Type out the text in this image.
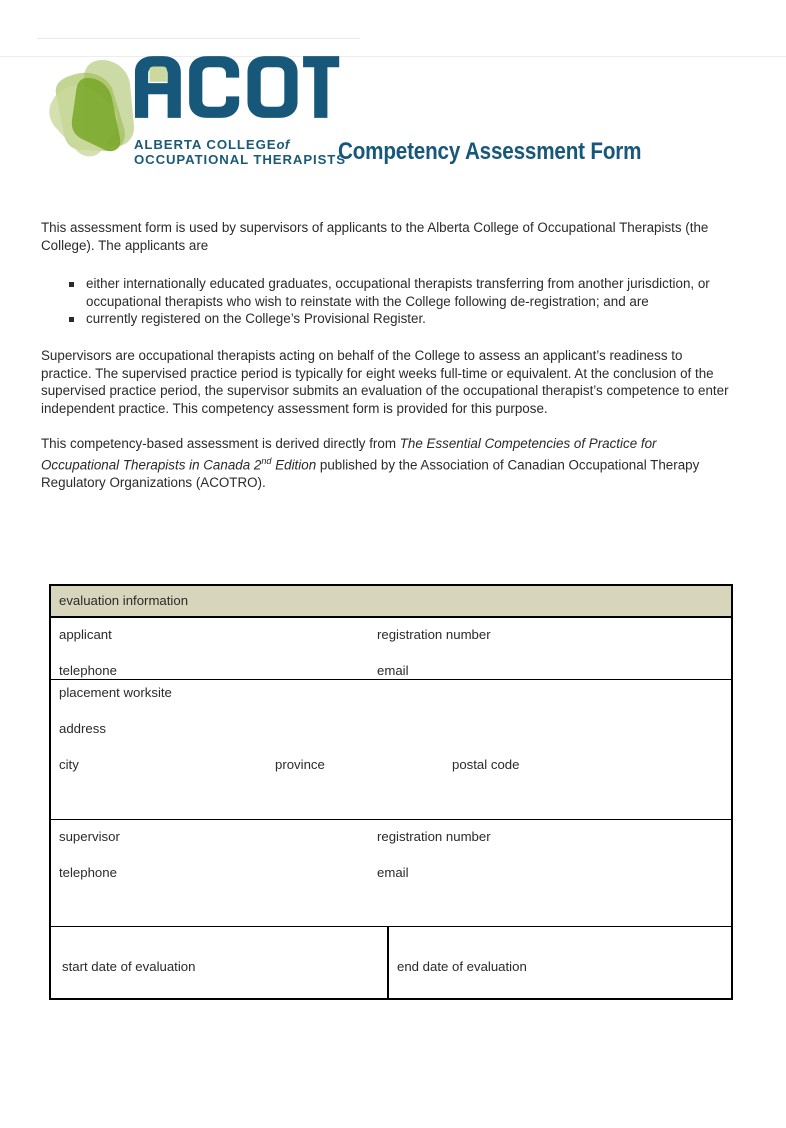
ALBERTA COLLEGEof
OCCUPATIONAL THERAPISTS
Competency Assessment Form

This assessment form is used by supervisors of applicants to the Alberta College of Occupational Therapists (the College). The applicants are

either internationally educated graduates, occupational therapists transferring from another jurisdiction, or occupational therapists who wish to reinstate with the College following de-registration; and are
currently registered on the College’s Provisional Register.

Supervisors are occupational therapists acting on behalf of the College to assess an applicant’s readiness to practice. The supervised practice period is typically for eight weeks full-time or equivalent. At the conclusion of the supervised practice period, the supervisor submits an evaluation of the occupational therapist’s competence to enter independent practice. This competency assessment form is provided for this purpose.

This competency-based assessment is derived directly from The Essential Competencies of Practice for Occupational Therapists in Canada 2nd Edition published by the Association of Canadian Occupational Therapy Regulatory Organizations (ACOTRO).

evaluation information
applicant	registration number
telephone	email
placement worksite
address
city	province	postal code
supervisor	registration number
telephone	email
start date of evaluation	end date of evaluation
